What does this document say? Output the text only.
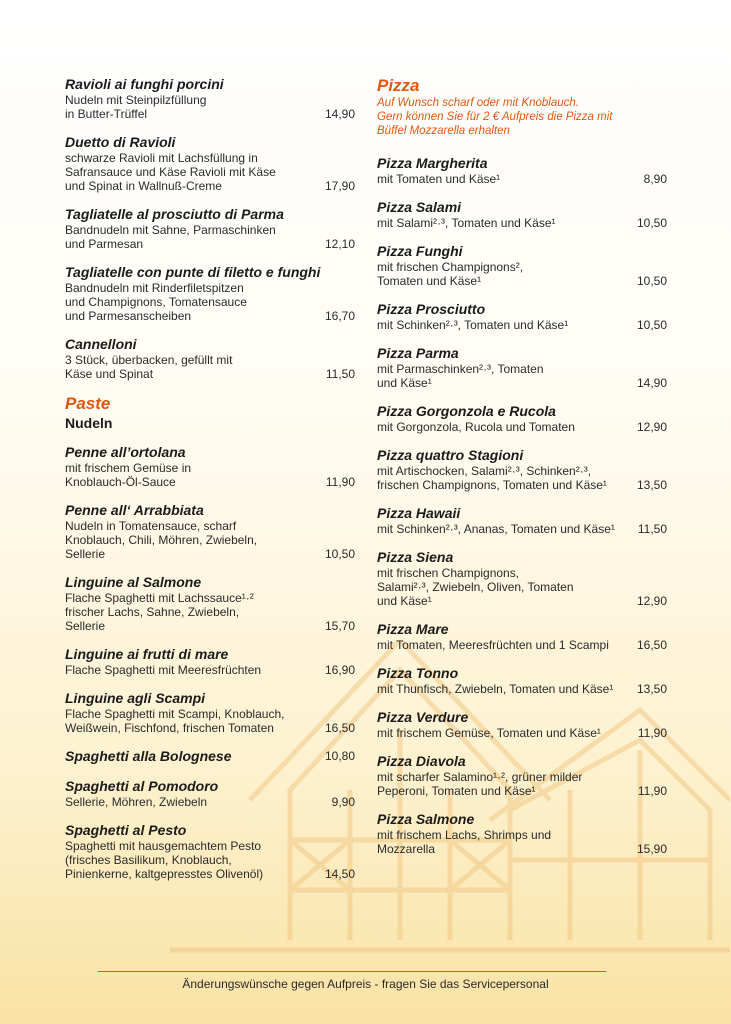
Ravioli ai funghi porcini
Nudeln mit Steinpilzfüllung
in Butter-Trüffel	14,90
Duetto di Ravioli
schwarze Ravioli mit Lachsfüllung in
Safransauce und Käse Ravioli mit Käse
und Spinat in Wallnuß-Creme	17,90
Tagliatelle al prosciutto di Parma
Bandnudeln mit Sahne, Parmaschinken
und Parmesan	12,10
Tagliatelle con punte di filetto e funghi
Bandnudeln mit Rinderfiletspitzen
und Champignons, Tomatensauce
und Parmesanscheiben	16,70
Cannelloni
3 Stück, überbacken, gefüllt mit
Käse und Spinat	11,50
Paste
Nudeln
Penne all’ortolana
mit frischem Gemüse in
Knoblauch-Öl-Sauce	11,90
Penne all‘ Arrabbiata
Nudeln in Tomatensauce, scharf
Knoblauch, Chili, Möhren, Zwiebeln,
Sellerie	10,50
Linguine al Salmone
Flache Spaghetti mit Lachssauce¹·²
frischer Lachs, Sahne, Zwiebeln,
Sellerie	15,70
Linguine ai frutti di mare
Flache Spaghetti mit Meeresfrüchten	16,90
Linguine agli Scampi
Flache Spaghetti mit Scampi, Knoblauch,
Weißwein, Fischfond, frischen Tomaten	16,50
Spaghetti alla Bolognese	10,80
Spaghetti al Pomodoro
Sellerie, Möhren, Zwiebeln	9,90
Spaghetti al Pesto
Spaghetti mit hausgemachtem Pesto
(frisches Basilikum, Knoblauch,
Pinienkerne, kaltgepresstes Olivenöl)	14,50
Pizza
Auf Wunsch scharf oder mit Knoblauch.
Gern können Sie für 2 € Aufpreis die Pizza mit
Büffel Mozzarella erhalten
Pizza Margherita
mit Tomaten und Käse¹	8,90
Pizza Salami
mit Salami²·³, Tomaten und Käse¹	10,50
Pizza Funghi
mit frischen Champignons²,
Tomaten und Käse¹	10,50
Pizza Prosciutto
mit Schinken²·³, Tomaten und Käse¹	10,50
Pizza Parma
mit Parmaschinken²·³, Tomaten
und Käse¹	14,90
Pizza Gorgonzola e Rucola
mit Gorgonzola, Rucola und Tomaten	12,90
Pizza quattro Stagioni
mit Artischocken, Salami²·³, Schinken²·³,
frischen Champignons, Tomaten und Käse¹	13,50
Pizza Hawaii
mit Schinken²·³, Ananas, Tomaten und Käse¹	11,50
Pizza Siena
mit frischen Champignons,
Salami²·³, Zwiebeln, Oliven, Tomaten
und Käse¹	12,90
Pizza Mare
mit Tomaten, Meeresfrüchten und 1 Scampi	16,50
Pizza Tonno
mit Thunfisch, Zwiebeln, Tomaten und Käse¹	13,50
Pizza Verdure
mit frischem Gemüse, Tomaten und Käse¹	11,90
Pizza Diavola
mit scharfer Salamino¹·², grüner milder
Peperoni, Tomaten und Käse¹	11,90
Pizza Salmone
mit frischem Lachs, Shrimps und
Mozzarella	15,90
Änderungswünsche gegen Aufpreis - fragen Sie das Servicepersonal
